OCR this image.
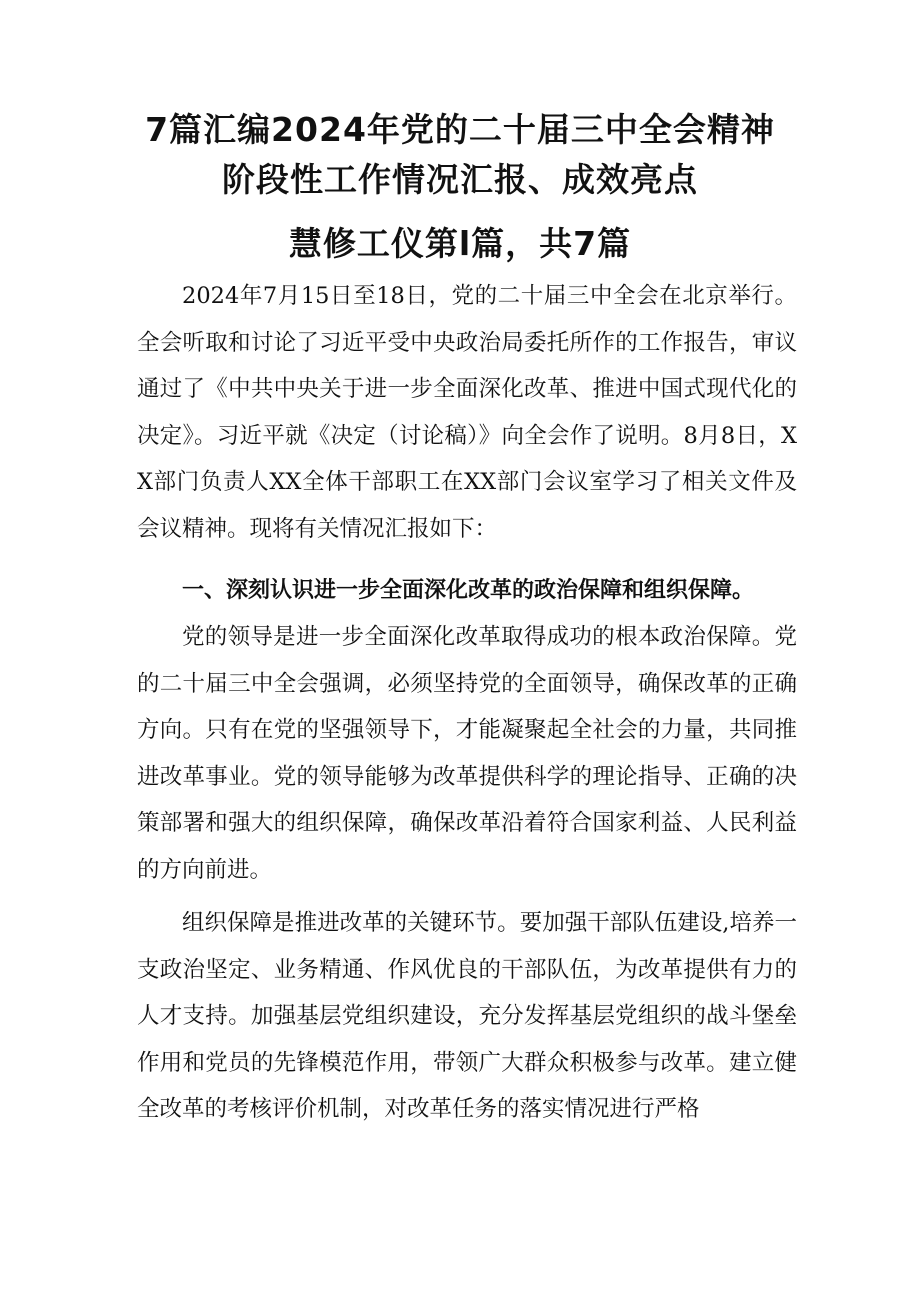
7篇汇编2024年党的二十届三中全会精神
阶段性工作情况汇报、成效亮点
慧修工仪第l篇，共7篇

2024年7月15日至18日，党的二十届三中全会在北京举行。全会听取和讨论了习近平受中央政治局委托所作的工作报告，审议通过了《中共中央关于进一步全面深化改革、推进中国式现代化的决定》。习近平就《决定（讨论稿）》向全会作了说明。8月8日，XX部门负责人XX全体干部职工在XX部门会议室学习了相关文件及会议精神。现将有关情况汇报如下：

一、深刻认识进一步全面深化改革的政治保障和组织保障。

党的领导是进一步全面深化改革取得成功的根本政治保障。党的二十届三中全会强调，必须坚持党的全面领导，确保改革的正确方向。只有在党的坚强领导下，才能凝聚起全社会的力量，共同推进改革事业。党的领导能够为改革提供科学的理论指导、正确的决策部署和强大的组织保障，确保改革沿着符合国家利益、人民利益的方向前进。

组织保障是推进改革的关键环节。要加强干部队伍建设,培养一支政治坚定、业务精通、作风优良的干部队伍，为改革提供有力的人才支持。加强基层党组织建设，充分发挥基层党组织的战斗堡垒作用和党员的先锋模范作用，带领广大群众积极参与改革。建立健全改革的考核评价机制，对改革任务的落实情况进行严格
